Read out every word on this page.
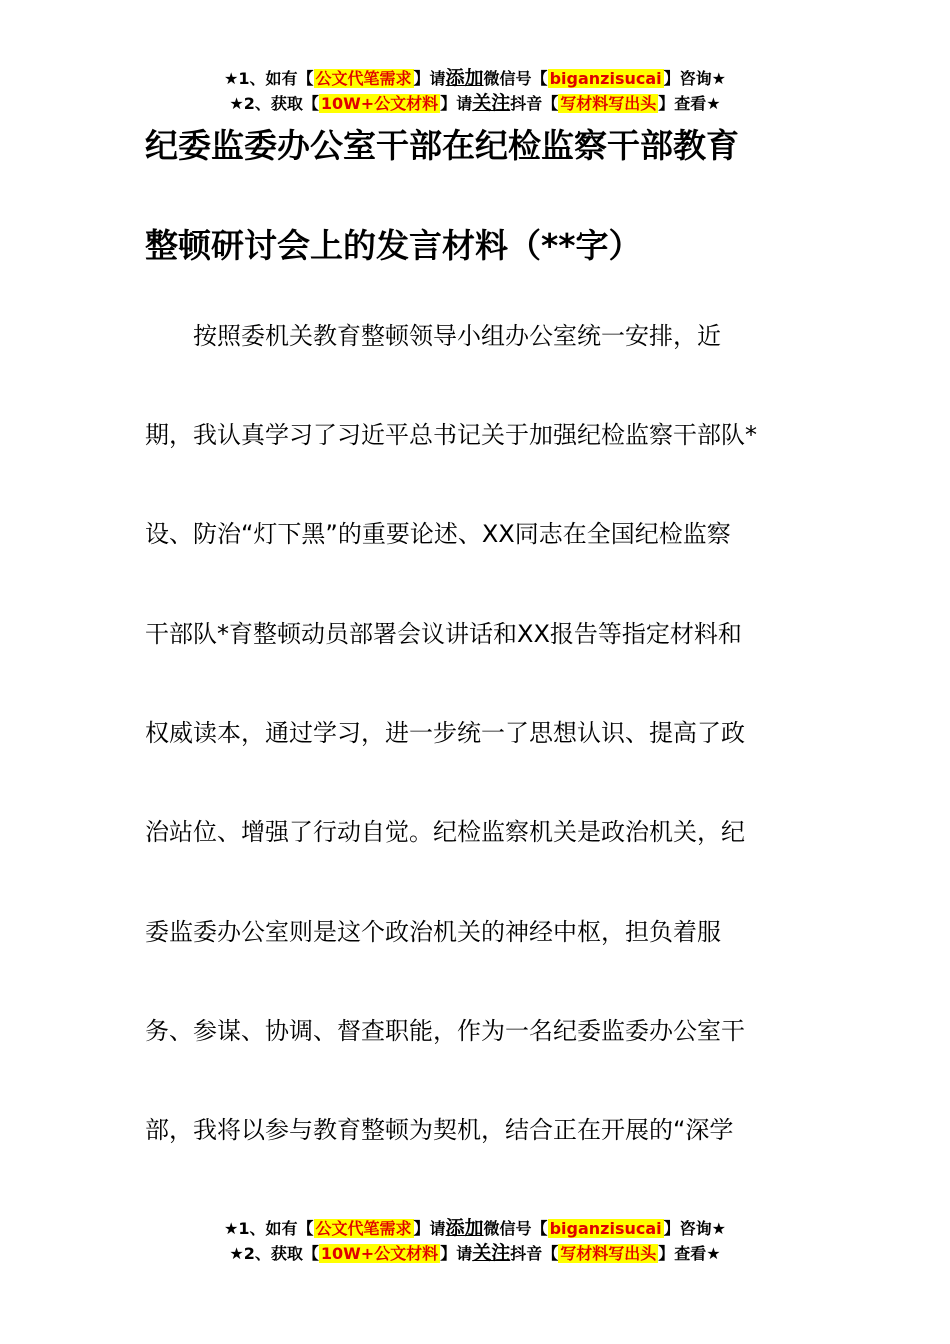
★1、如有【 公文代笔需求 】请添加微信号【 biganzisucai 】咨询★
★2、获取【 10W+公文材料 】请关注抖音【 写材料写出头 】查看★
纪委监委办公室干部在纪检监察干部教育
整顿研讨会上的发言材料（**字）
　　按照委机关教育整顿领导小组办公室统一安排，近
期，我认真学习了习近平总书记关于加强纪检监察干部队*
设、防治“灯下黑”的重要论述、XX同志在全国纪检监察
干部队*育整顿动员部署会议讲话和XX报告等指定材料和
权威读本，通过学习，进一步统一了思想认识、提高了政
治站位、增强了行动自觉。纪检监察机关是政治机关，纪
委监委办公室则是这个政治机关的神经中枢，担负着服
务、参谋、协调、督查职能，作为一名纪委监委办公室干
部，我将以参与教育整顿为契机，结合正在开展的“深学
★1、如有【 公文代笔需求 】请添加微信号【 biganzisucai 】咨询★
★2、获取【 10W+公文材料 】请关注抖音【 写材料写出头 】查看★
